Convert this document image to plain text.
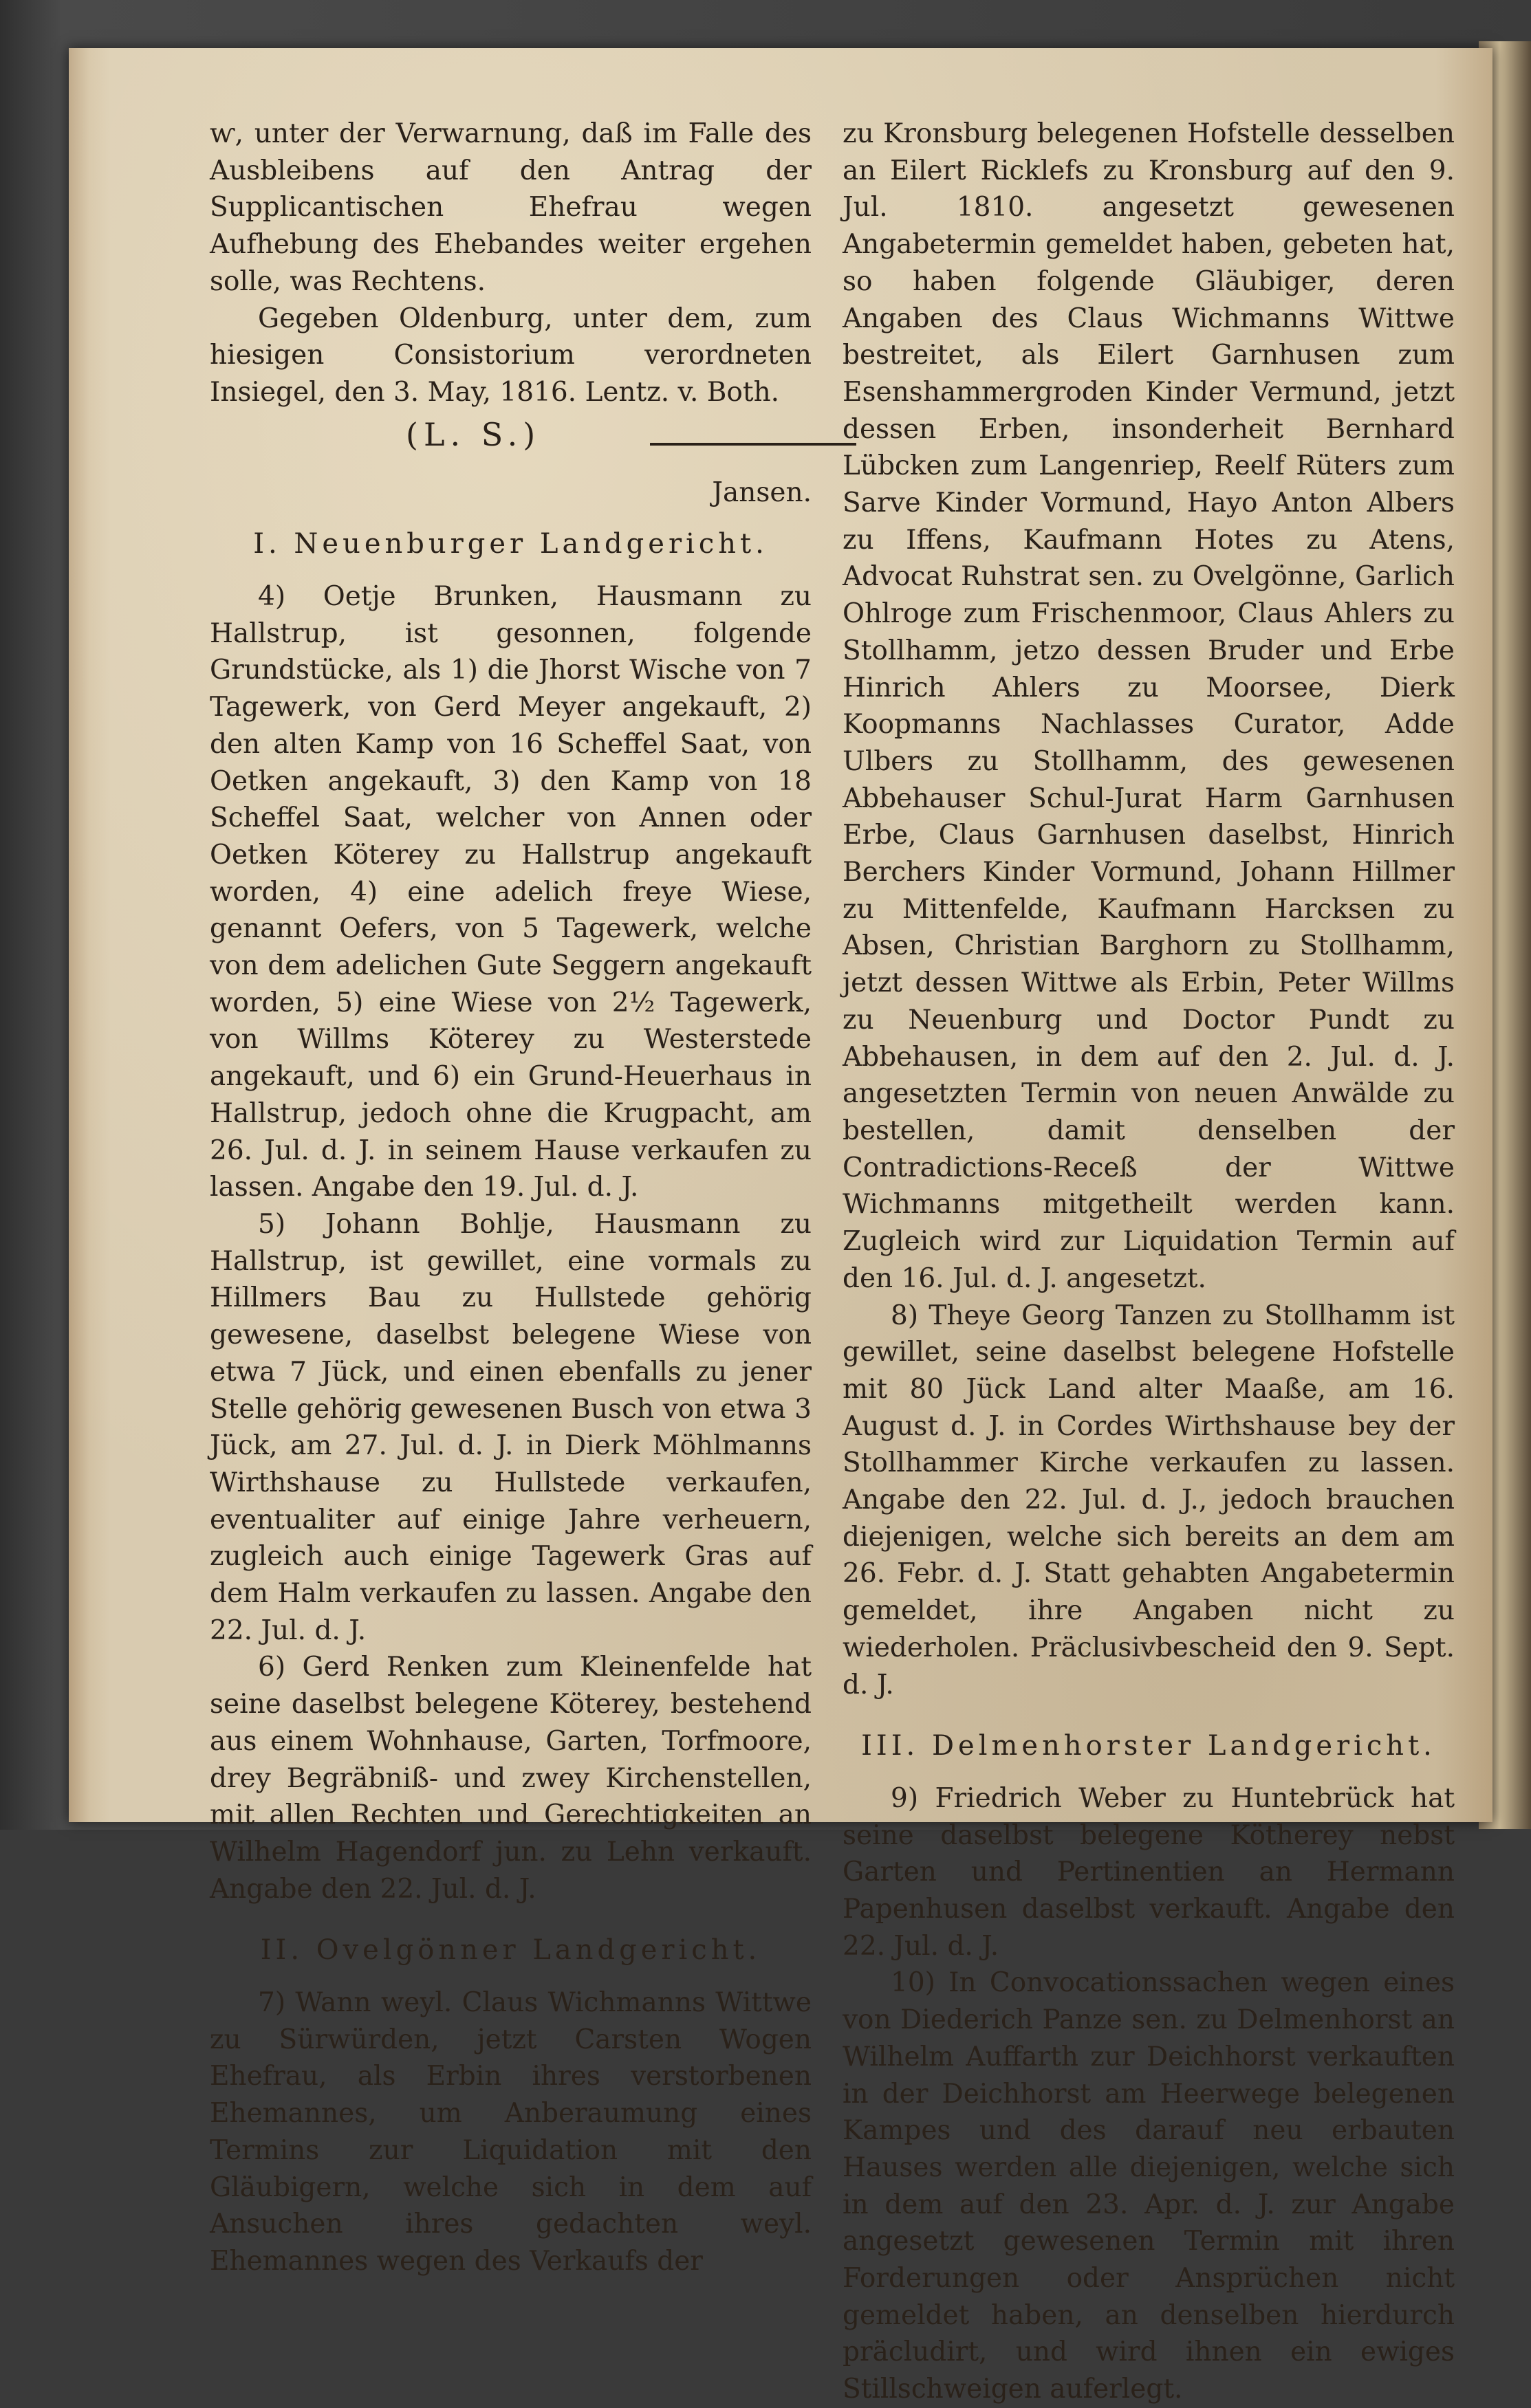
ⱳ, unter der Verwarnung, daß im Falle des Ausbleibens auf den Antrag der Supplicantischen Ehefrau wegen Aufhebung des Ehebandes weiter ergehen solle, was Rechtens.

Gegeben Oldenburg, unter dem, zum hiesigen Consistorium verordneten Insiegel, den 3. May, 1816. Lentz. v. Both.

(L. S.)

Jansen.

I. Neuenburger Landgericht.

4) Oetje Brunken, Hausmann zu Hallstrup, ist gesonnen, folgende Grundstücke, als 1) die Jhorst Wische von 7 Tagewerk, von Gerd Meyer angekauft, 2) den alten Kamp von 16 Scheffel Saat, von Oetken angekauft, 3) den Kamp von 18 Scheffel Saat, welcher von Annen oder Oetken Köterey zu Hallstrup angekauft worden, 4) eine adelich freye Wiese, genannt Oefers, von 5 Tagewerk, welche von dem adelichen Gute Seggern angekauft worden, 5) eine Wiese von 2½ Tagewerk, von Willms Köterey zu Westerstede angekauft, und 6) ein Grund-Heuerhaus in Hallstrup, jedoch ohne die Krugpacht, am 26. Jul. d. J. in seinem Hause verkaufen zu lassen. Angabe den 19. Jul. d. J.

5) Johann Bohlje, Hausmann zu Hallstrup, ist gewillet, eine vormals zu Hillmers Bau zu Hullstede gehörig gewesene, daselbst belegene Wiese von etwa 7 Jück, und einen ebenfalls zu jener Stelle gehörig gewesenen Busch von etwa 3 Jück, am 27. Jul. d. J. in Dierk Möhlmanns Wirthshause zu Hullstede verkaufen, eventualiter auf einige Jahre verheuern, zugleich auch einige Tagewerk Gras auf dem Halm verkaufen zu lassen. Angabe den 22. Jul. d. J.

6) Gerd Renken zum Kleinenfelde hat seine daselbst belegene Köterey, bestehend aus einem Wohnhause, Garten, Torfmoore, drey Begräbniß- und zwey Kirchenstellen, mit allen Rechten und Gerechtigkeiten an Wilhelm Hagendorf jun. zu Lehn verkauft. Angabe den 22. Jul. d. J.

II. Ovelgönner Landgericht.

7) Wann weyl. Claus Wichmanns Wittwe zu Sürwürden, jetzt Carsten Wogen Ehefrau, als Erbin ihres verstorbenen Ehemannes, um Anberaumung eines Termins zur Liquidation mit den Gläubigern, welche sich in dem auf Ansuchen ihres gedachten weyl. Ehemannes wegen des Verkaufs der

zu Kronsburg belegenen Hofstelle desselben an Eilert Ricklefs zu Kronsburg auf den 9. Jul. 1810. angesetzt gewesenen Angabetermin gemeldet haben, gebeten hat, so haben folgende Gläubiger, deren Angaben des Claus Wichmanns Wittwe bestreitet, als Eilert Garnhusen zum Esenshammergroden Kinder Vermund, jetzt dessen Erben, insonderheit Bernhard Lübcken zum Langenriep, Reelf Rüters zum Sarve Kinder Vormund, Hayo Anton Albers zu Iffens, Kaufmann Hotes zu Atens, Advocat Ruhstrat sen. zu Ovelgönne, Garlich Ohlroge zum Frischenmoor, Claus Ahlers zu Stollhamm, jetzo dessen Bruder und Erbe Hinrich Ahlers zu Moorsee, Dierk Koopmanns Nachlasses Curator, Adde Ulbers zu Stollhamm, des gewesenen Abbehauser Schul-Jurat Harm Garnhusen Erbe, Claus Garnhusen daselbst, Hinrich Berchers Kinder Vormund, Johann Hillmer zu Mittenfelde, Kaufmann Harcksen zu Absen, Christian Barghorn zu Stollhamm, jetzt dessen Wittwe als Erbin, Peter Willms zu Neuenburg und Doctor Pundt zu Abbehausen, in dem auf den 2. Jul. d. J. angesetzten Termin von neuen Anwälde zu bestellen, damit denselben der Contradictions-Receß der Wittwe Wichmanns mitgetheilt werden kann. Zugleich wird zur Liquidation Termin auf den 16. Jul. d. J. angesetzt.

8) Theye Georg Tanzen zu Stollhamm ist gewillet, seine daselbst belegene Hofstelle mit 80 Jück Land alter Maaße, am 16. August d. J. in Cordes Wirthshause bey der Stollhammer Kirche verkaufen zu lassen. Angabe den 22. Jul. d. J., jedoch brauchen diejenigen, welche sich bereits an dem am 26. Febr. d. J. Statt gehabten Angabetermin gemeldet, ihre Angaben nicht zu wiederholen. Präclusivbescheid den 9. Sept. d. J.

III. Delmenhorster Landgericht.

9) Friedrich Weber zu Huntebrück hat seine daselbst belegene Kötherey nebst Garten und Pertinentien an Hermann Papenhusen daselbst verkauft. Angabe den 22. Jul. d. J.

10) In Convocationssachen wegen eines von Diederich Panze sen. zu Delmenhorst an Wilhelm Auffarth zur Deichhorst verkauften in der Deichhorst am Heerwege belegenen Kampes und des darauf neu erbauten Hauses werden alle diejenigen, welche sich in dem auf den 23. Apr. d. J. zur Angabe angesetzt gewesenen Termin mit ihren Forderungen oder Ansprüchen nicht gemeldet haben, an denselben hierdurch präcludirt, und wird ihnen ein ewiges Stillschweigen auferlegt.
